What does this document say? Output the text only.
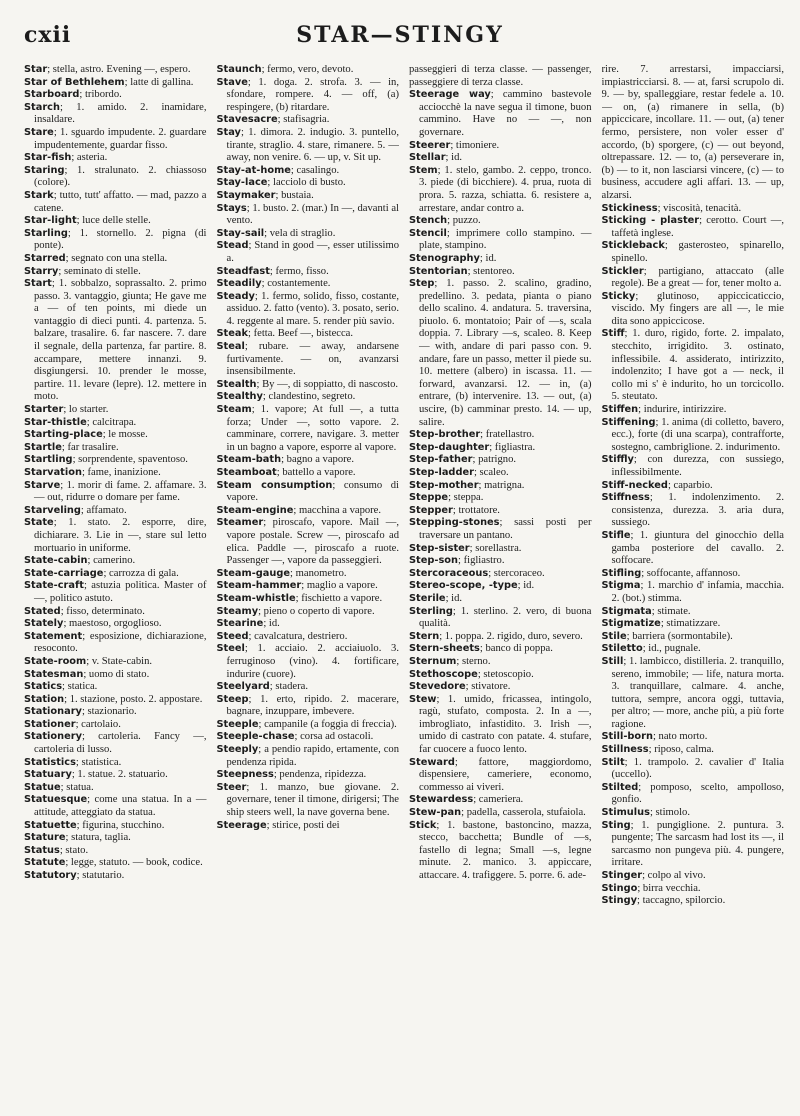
cxii	STAR—STINGY

Star; stella, astro. Evening —, espero.

Star of Bethlehem; latte di gallina.

Starboard; tribordo.

Starch; 1. amido. 2. inamidare, insaldare.

Stare; 1. sguardo impudente. 2. guardare impudentemente, guardar fisso.

Star-fish; asteria.

Staring; 1. stralunato. 2. chiassoso (colore).

Stark; tutto, tutt' affatto. — mad, pazzo a catene.

Star-light; luce delle stelle.

Starling; 1. stornello. 2. pigna (di ponte).

Starred; segnato con una stella.

Starry; seminato di stelle.

Start; 1. sobbalzo, soprassalto. 2. primo passo. 3. vantaggio, giunta; He gave me a — of ten points, mi diede un vantaggio di dieci punti. 4. partenza. 5. balzare, trasalire. 6. far nascere. 7. dare il segnale, della partenza, far partire. 8. accampare, mettere innanzi. 9. disgiungersi. 10. prender le mosse, partire. 11. levare (lepre). 12. mettere in moto.

Starter; lo starter.

Star-thistle; calcitrapa.

Starting-place; le mosse.

Startle; far trasalire.

Startling; sorprendente, spaventoso.

Starvation; fame, inanizione.

Starve; 1. morir di fame. 2. affamare. 3. — out, ridurre o domare per fame.

Starveling; affamato.

State; 1. stato. 2. esporre, dire, dichiarare. 3. Lie in —, stare sul letto mortuario in uniforme.

State-cabin; camerino.

State-carriage; carrozza di gala.

State-craft; astuzia politica. Master of —, politico astuto.

Stated; fisso, determinato.

Stately; maestoso, orgoglioso.

Statement; esposizione, dichiarazione, resoconto.

State-room; v. State-cabin.

Statesman; uomo di stato.

Statics; statica.

Station; 1. stazione, posto. 2. appostare.

Stationary; stazionario.

Stationer; cartolaio.

Stationery; cartoleria. Fancy —, cartoleria di lusso.

Statistics; statistica.

Statuary; 1. statue. 2. statuario.

Statue; statua.

Statuesque; come una statua. In a — attitude, atteggiato da statua.

Statuette; figurina, stucchino.

Stature; statura, taglia.

Status; stato.

Statute; legge, statuto. — book, codice.

Statutory; statutario.

Staunch; fermo, vero, devoto.

Stave; 1. doga. 2. strofa. 3. — in, sfondare, rompere. 4. — off, (a) respingere, (b) ritardare.

Stavesacre; stafisagria.

Stay; 1. dimora. 2. indugio. 3. puntello, tirante, straglio. 4. stare, rimanere. 5. — away, non venire. 6. — up, v. Sit up.

Stay-at-home; casalingo.

Stay-lace; lacciolo di busto.

Staymaker; bustaia.

Stays; 1. busto. 2. (mar.) In —, davanti al vento.

Stay-sail; vela di straglio.

Stead; Stand in good —, esser utilissimo a.

Steadfast; fermo, fisso.

Steadily; costantemente.

Steady; 1. fermo, solido, fisso, costante, assiduo. 2. fatto (vento). 3. posato, serio. 4. reggente al mare. 5. render più savio.

Steak; fetta. Beef —, bistecca.

Steal; rubare. — away, andarsene furtivamente. — on, avanzarsi insensibilmente.

Stealth; By —, di soppiatto, di nascosto.

Stealthy; clandestino, segreto.

Steam; 1. vapore; At full —, a tutta forza; Under —, sotto vapore. 2. camminare, correre, navigare. 3. metter in un bagno a vapore, esporre al vapore.

Steam-bath; bagno a vapore.

Steamboat; battello a vapore.

Steam consumption; consumo di vapore.

Steam-engine; macchina a vapore.

Steamer; piroscafo, vapore. Mail —, vapore postale. Screw —, piroscafo ad elica. Paddle —, piroscafo a ruote. Passenger —, vapore da passeggieri.

Steam-gauge; manometro.

Steam-hammer; maglio a vapore.

Steam-whistle; fischietto a vapore.

Steamy; pieno o coperto di vapore.

Stearine; id.

Steed; cavalcatura, destriero.

Steel; 1. acciaio. 2. acciaiuolo. 3. ferruginoso (vino). 4. fortificare, indurire (cuore).

Steelyard; stadera.

Steep; 1. erto, ripido. 2. macerare, bagnare, inzuppare, imbevere.

Steeple; campanile (a foggia di freccia).

Steeple-chase; corsa ad ostacoli.

Steeply; a pendio rapido, ertamente, con pendenza ripida.

Steepness; pendenza, ripidezza.

Steer; 1. manzo, bue giovane. 2. governare, tener il timone, dirigersi; The ship steers well, la nave governa bene.

Steerage; stirice, posti dei

passeggieri di terza classe. — passenger, passeggiere di terza classe.

Steerage way; cammino bastevole acciocchè la nave segua il timone, buon cammino. Have no — —, non governare.

Steerer; timoniere.

Stellar; id.

Stem; 1. stelo, gambo. 2. ceppo, tronco. 3. piede (di bicchiere). 4. prua, ruota di prora. 5. razza, schiatta. 6. resistere a, arrestare, andar contro a.

Stench; puzzo.

Stencil; imprimere collo stampino. — plate, stampino.

Stenography; id.

Stentorian; stentoreo.

Step; 1. passo. 2. scalino, gradino, predellino. 3. pedata, pianta o piano dello scalino. 4. andatura. 5. traversina, piuolo. 6. montatoio; Pair of —s, scala doppia. 7. Library —s, scaleo. 8. Keep — with, andare di pari passo con. 9. andare, fare un passo, metter il piede su. 10. mettere (albero) in iscassa. 11. — forward, avanzarsi. 12. — in, (a) entrare, (b) intervenire. 13. — out, (a) uscire, (b) camminar presto. 14. — up, salire.

Step-brother; fratellastro.

Step-daughter; figliastra.

Step-father; patrigno.

Step-ladder; scaleo.

Step-mother; matrigna.

Steppe; steppa.

Stepper; trottatore.

Stepping-stones; sassi posti per traversare un pantano.

Step-sister; sorellastra.

Step-son; figliastro.

Stercoraceous; stercoraceo.

Stereo-scope, -type; id.

Sterile; id.

Sterling; 1. sterlino. 2. vero, di buona qualità.

Stern; 1. poppa. 2. rigido, duro, severo.

Stern-sheets; banco di poppa.

Sternum; sterno.

Stethoscope; stetoscopio.

Stevedore; stivatore.

Stew; 1. umido, fricassea, intingolo, ragù, stufato, composta. 2. In a —, imbrogliato, infastidito. 3. Irish —, umido di castrato con patate. 4. stufare, far cuocere a fuoco lento.

Steward; fattore, maggiordomo, dispensiere, cameriere, economo, commesso ai viveri.

Stewardess; cameriera.

Stew-pan; padella, casserola, stufaiola.

Stick; 1. bastone, bastoncino, mazza, stecco, bacchetta; Bundle of —s, fastello di legna; Small —s, legne minute. 2. manico. 3. appiccare, attaccare. 4. trafiggere. 5. porre. 6. ade-

rire. 7. arrestarsi, impacciarsi, impiastricciarsi. 8. — at, farsi scrupolo di. 9. — by, spalleggiare, restar fedele a. 10. — on, (a) rimanere in sella, (b) appiccicare, incollare. 11. — out, (a) tener fermo, persistere, non voler esser d' accordo, (b) sporgere, (c) — out beyond, oltrepassare. 12. — to, (a) perseverare in, (b) — to it, non lasciarsi vincere, (c) — to business, accudere agli affari. 13. — up, alzarsi.

Stickiness; viscosità, tenacità.

Sticking - plaster; cerotto. Court —, taffetà inglese.

Stickleback; gasterosteo, spinarello, spinello.

Stickler; partigiano, attaccato (alle regole). Be a great — for, tener molto a.

Sticky; glutinoso, appiccicaticcio, viscido. My fingers are all —, le mie dita sono appiccicose.

Stiff; 1. duro, rigido, forte. 2. impalato, stecchito, irrigidito. 3. ostinato, inflessibile. 4. assiderato, intirizzito, indolenzito; I have got a — neck, il collo mi s' è indurito, ho un torcicollo. 5. steutato.

Stiffen; indurire, intirizzire.

Stiffening; 1. anima (di colletto, bavero, ecc.), forte (di una scarpa), contrafforte, sostegno, cambriglione. 2. indurimento.

Stiffly; con durezza, con sussiego, inflessibilmente.

Stiff-necked; caparbio.

Stiffness; 1. indolenzimento. 2. consistenza, durezza. 3. aria dura, sussiego.

Stifle; 1. giuntura del ginocchio della gamba posteriore del cavallo. 2. soffocare.

Stifling; soffocante, affannoso.

Stigma; 1. marchio d' infamia, macchia. 2. (bot.) stimma.

Stigmata; stimate.

Stigmatize; stimatizzare.

Stile; barriera (sormontabile).

Stiletto; id., pugnale.

Still; 1. lambicco, distilleria. 2. tranquillo, sereno, immobile; — life, natura morta. 3. tranquillare, calmare. 4. anche, tuttora, sempre, ancora oggi, tuttavia, per altro; — more, anche più, a più forte ragione.

Still-born; nato morto.

Stillness; riposo, calma.

Stilt; 1. trampolo. 2. cavalier d' Italia (uccello).

Stilted; pomposo, scelto, ampolloso, gonfio.

Stimulus; stimolo.

Sting; 1. pungiglione. 2. puntura. 3. pungente; The sarcasm had lost its —, il sarcasmo non pungeva più. 4. pungere, irritare.

Stinger; colpo al vivo.

Stingo; birra vecchia.

Stingy; taccagno, spilorcio.
